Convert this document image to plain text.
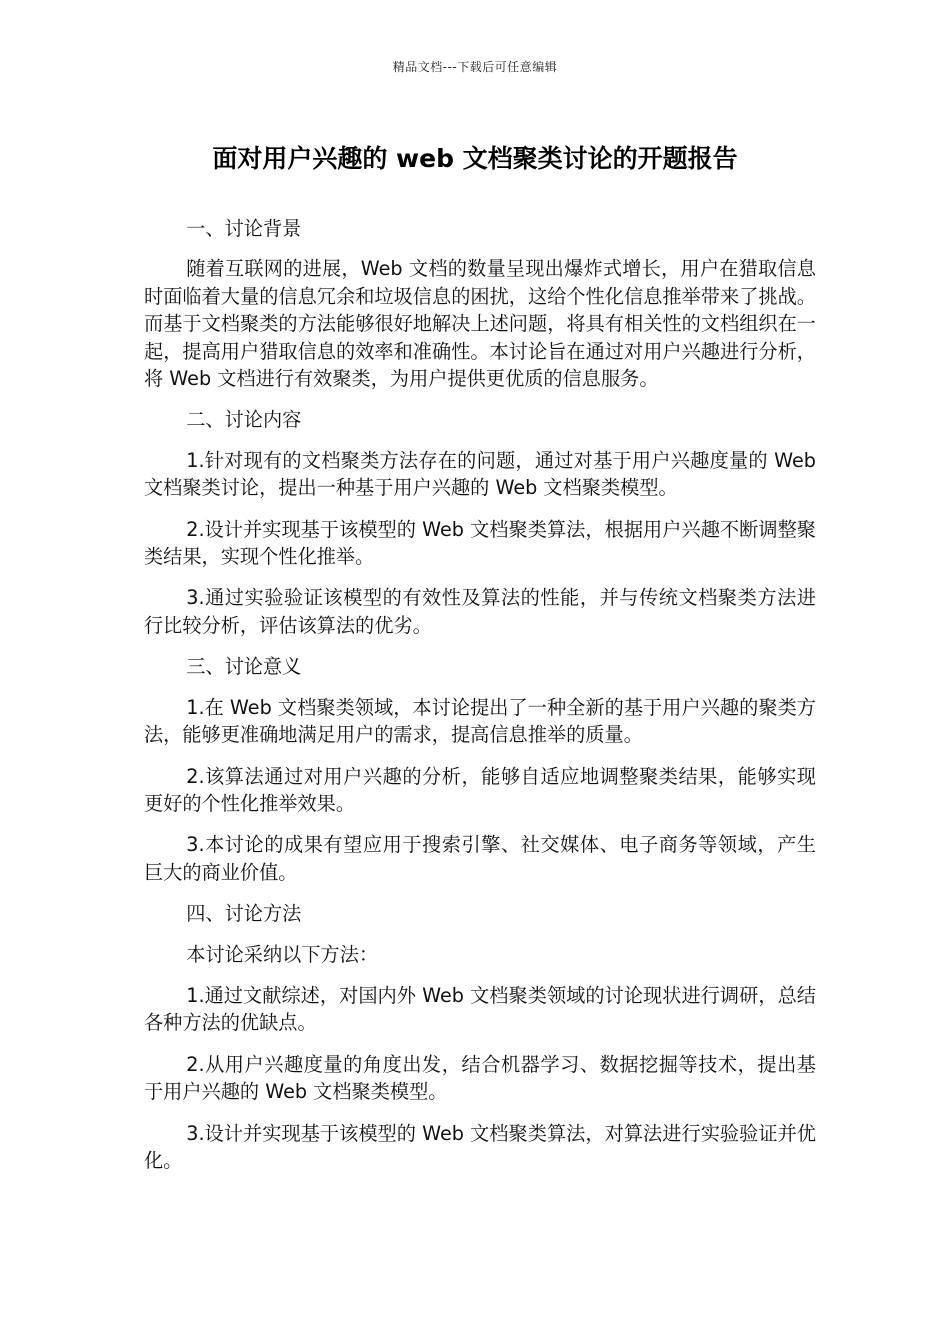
精品文档---下载后可任意编辑
面对用户兴趣的 web 文档聚类讨论的开题报告

一、讨论背景

随着互联网的进展，Web 文档的数量呈现出爆炸式增长，用户在猎取信息时面临着大量的信息冗余和垃圾信息的困扰，这给个性化信息推举带来了挑战。而基于文档聚类的方法能够很好地解决上述问题，将具有相关性的文档组织在一起，提高用户猎取信息的效率和准确性。本讨论旨在通过对用户兴趣进行分析，将 Web 文档进行有效聚类，为用户提供更优质的信息服务。

二、讨论内容

1.针对现有的文档聚类方法存在的问题，通过对基于用户兴趣度量的 Web 文档聚类讨论，提出一种基于用户兴趣的 Web 文档聚类模型。

2.设计并实现基于该模型的 Web 文档聚类算法，根据用户兴趣不断调整聚类结果，实现个性化推举。

3.通过实验验证该模型的有效性及算法的性能，并与传统文档聚类方法进行比较分析，评估该算法的优劣。

三、讨论意义

1.在 Web 文档聚类领域，本讨论提出了一种全新的基于用户兴趣的聚类方法，能够更准确地满足用户的需求，提高信息推举的质量。

2.该算法通过对用户兴趣的分析，能够自适应地调整聚类结果，能够实现更好的个性化推举效果。

3.本讨论的成果有望应用于搜索引擎、社交媒体、电子商务等领域，产生巨大的商业价值。

四、讨论方法

本讨论采纳以下方法：

1.通过文献综述，对国内外 Web 文档聚类领域的讨论现状进行调研，总结各种方法的优缺点。

2.从用户兴趣度量的角度出发，结合机器学习、数据挖掘等技术，提出基于用户兴趣的 Web 文档聚类模型。

3.设计并实现基于该模型的 Web 文档聚类算法，对算法进行实验验证并优化。
